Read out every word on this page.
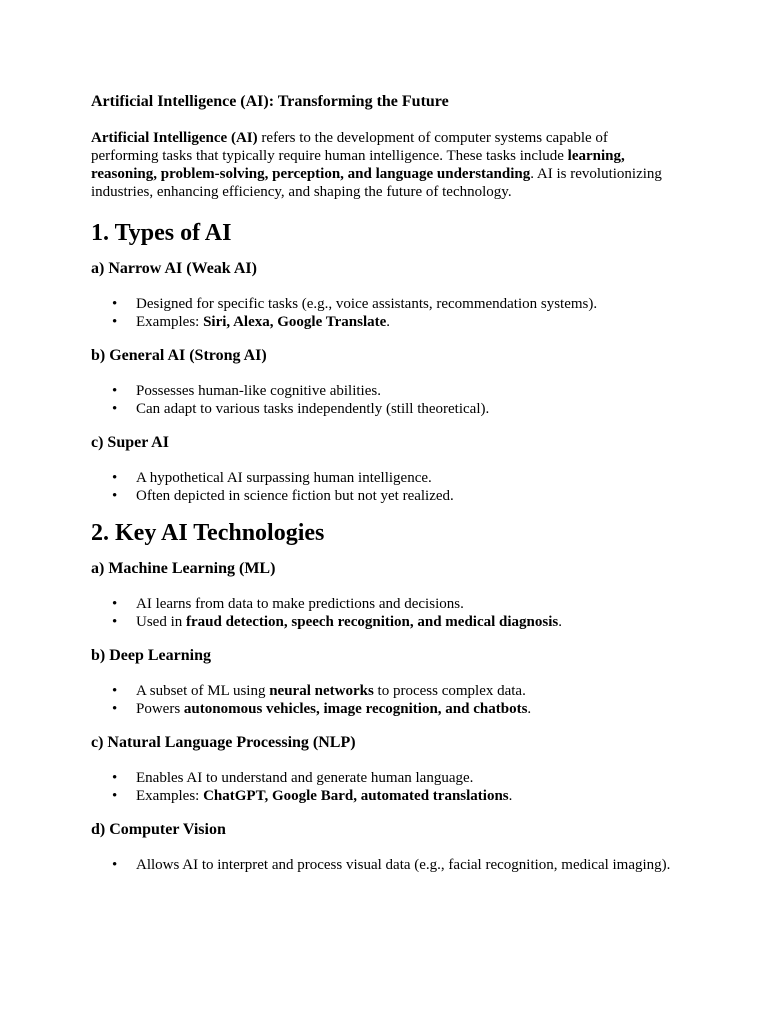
Artificial Intelligence (AI): Transforming the Future

Artificial Intelligence (AI) refers to the development of computer systems capable of performing tasks that typically require human intelligence. These tasks include learning, reasoning, problem-solving, perception, and language understanding. AI is revolutionizing industries, enhancing efficiency, and shaping the future of technology.

1. Types of AI
a) Narrow AI (Weak AI)
• Designed for specific tasks (e.g., voice assistants, recommendation systems).
• Examples: Siri, Alexa, Google Translate.
b) General AI (Strong AI)
• Possesses human-like cognitive abilities.
• Can adapt to various tasks independently (still theoretical).
c) Super AI
• A hypothetical AI surpassing human intelligence.
• Often depicted in science fiction but not yet realized.
2. Key AI Technologies
a) Machine Learning (ML)
• AI learns from data to make predictions and decisions.
• Used in fraud detection, speech recognition, and medical diagnosis.
b) Deep Learning
• A subset of ML using neural networks to process complex data.
• Powers autonomous vehicles, image recognition, and chatbots.
c) Natural Language Processing (NLP)
• Enables AI to understand and generate human language.
• Examples: ChatGPT, Google Bard, automated translations.
d) Computer Vision
• Allows AI to interpret and process visual data (e.g., facial recognition, medical imaging).
